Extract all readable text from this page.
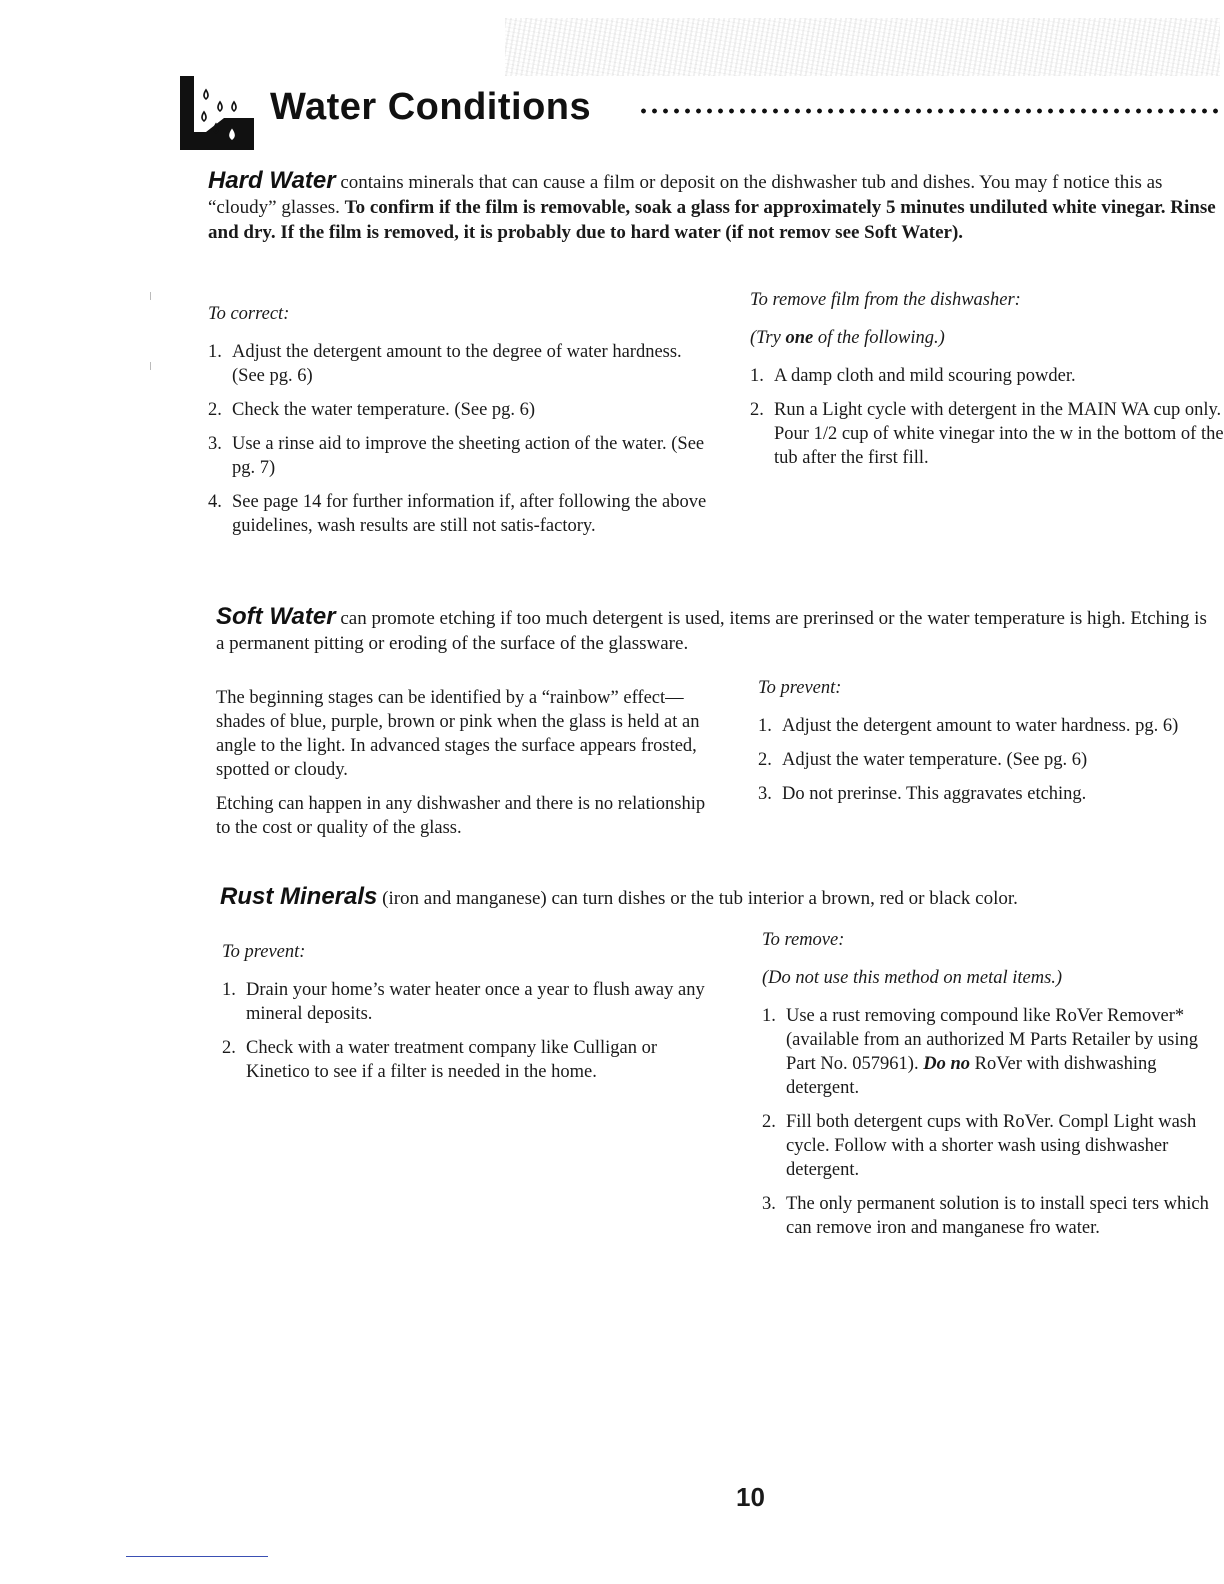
Water Conditions
Hard Water contains minerals that can cause a film or deposit on the dishwasher tub and dishes. You may f notice this as “cloudy” glasses. To confirm if the film is removable, soak a glass for approximately 5 minutes undiluted white vinegar. Rinse and dry. If the film is removed, it is probably due to hard water (if not remov see Soft Water).

To correct:

1. Adjust the detergent amount to the degree of water hardness. (See pg. 6)
2. Check the water temperature. (See pg. 6)
3. Use a rinse aid to improve the sheeting action of the water. (See pg. 7)
4. See page 14 for further information if, after following the above guidelines, wash results are still not satis-factory.

To remove film from the dishwasher:

(Try one of the following.)

1. A damp cloth and mild scouring powder.
2. Run a Light cycle with detergent in the MAIN WA cup only. Pour 1/2 cup of white vinegar into the w in the bottom of the tub after the first fill.
Soft Water can promote etching if too much detergent is used, items are prerinsed or the water temperature is high. Etching is a permanent pitting or eroding of the surface of the glassware.

The beginning stages can be identified by a “rainbow” effect— shades of blue, purple, brown or pink when the glass is held at an angle to the light. In advanced stages the surface appears frosted, spotted or cloudy.

Etching can happen in any dishwasher and there is no relationship to the cost or quality of the glass.

To prevent:

1. Adjust the detergent amount to water hardness. pg. 6)
2. Adjust the water temperature. (See pg. 6)
3. Do not prerinse. This aggravates etching.
Rust Minerals (iron and manganese) can turn dishes or the tub interior a brown, red or black color.

To prevent:

1. Drain your home’s water heater once a year to flush away any mineral deposits.
2. Check with a water treatment company like Culligan or Kinetico to see if a filter is needed in the home.

To remove:

(Do not use this method on metal items.)

1. Use a rust removing compound like RoVer Remover* (available from an authorized M Parts Retailer by using Part No. 057961). Do no RoVer with dishwashing detergent.
2. Fill both detergent cups with RoVer. Compl Light wash cycle. Follow with a shorter wash using dishwasher detergent.
3. The only permanent solution is to install speci ters which can remove iron and manganese fro water.
10
